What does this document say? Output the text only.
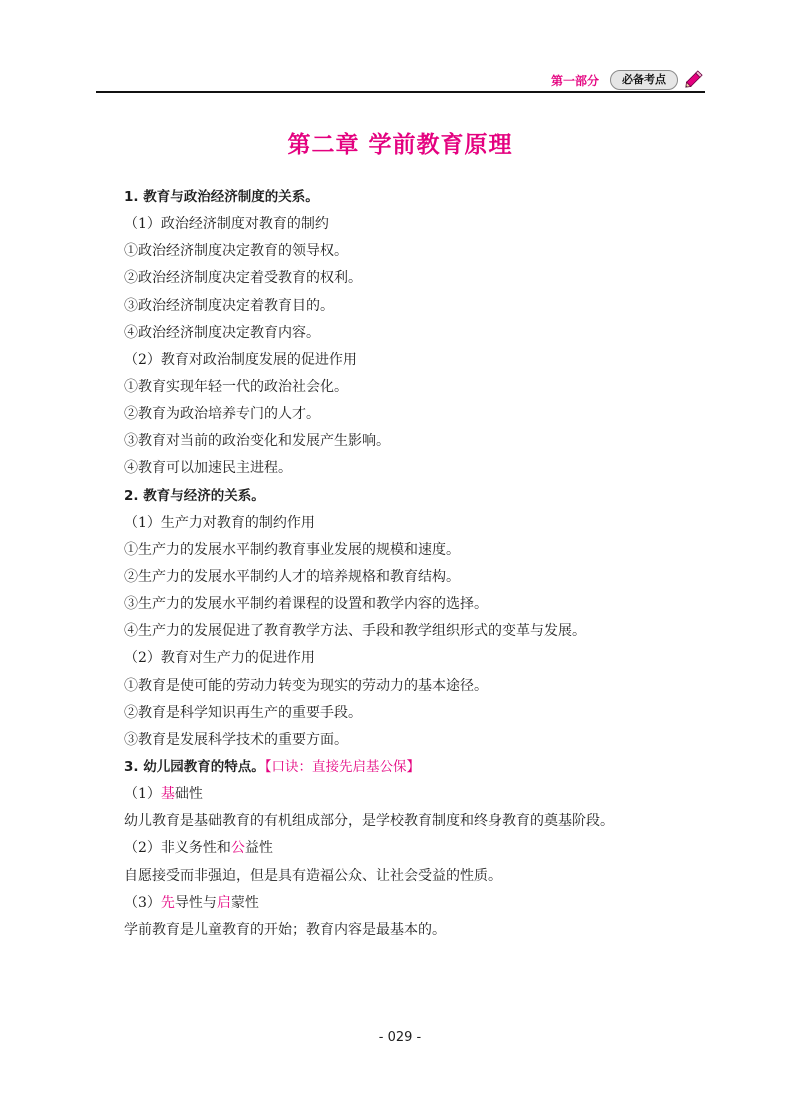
第一部分	必备考点
第二章 学前教育原理
1. 教育与政治经济制度的关系。
（1）政治经济制度对教育的制约
①政治经济制度决定教育的领导权。
②政治经济制度决定着受教育的权利。
③政治经济制度决定着教育目的。
④政治经济制度决定教育内容。
（2）教育对政治制度发展的促进作用
①教育实现年轻一代的政治社会化。
②教育为政治培养专门的人才。
③教育对当前的政治变化和发展产生影响。
④教育可以加速民主进程。
2. 教育与经济的关系。
（1）生产力对教育的制约作用
①生产力的发展水平制约教育事业发展的规模和速度。
②生产力的发展水平制约人才的培养规格和教育结构。
③生产力的发展水平制约着课程的设置和教学内容的选择。
④生产力的发展促进了教育教学方法、手段和教学组织形式的变革与发展。
（2）教育对生产力的促进作用
①教育是使可能的劳动力转变为现实的劳动力的基本途径。
②教育是科学知识再生产的重要手段。
③教育是发展科学技术的重要方面。
3. 幼儿园教育的特点。【口诀：直接先启基公保】
（1）基础性
幼儿教育是基础教育的有机组成部分，是学校教育制度和终身教育的奠基阶段。
（2）非义务性和公益性
自愿接受而非强迫，但是具有造福公众、让社会受益的性质。
（3）先导性与启蒙性
学前教育是儿童教育的开始；教育内容是最基本的。
- 029 -
